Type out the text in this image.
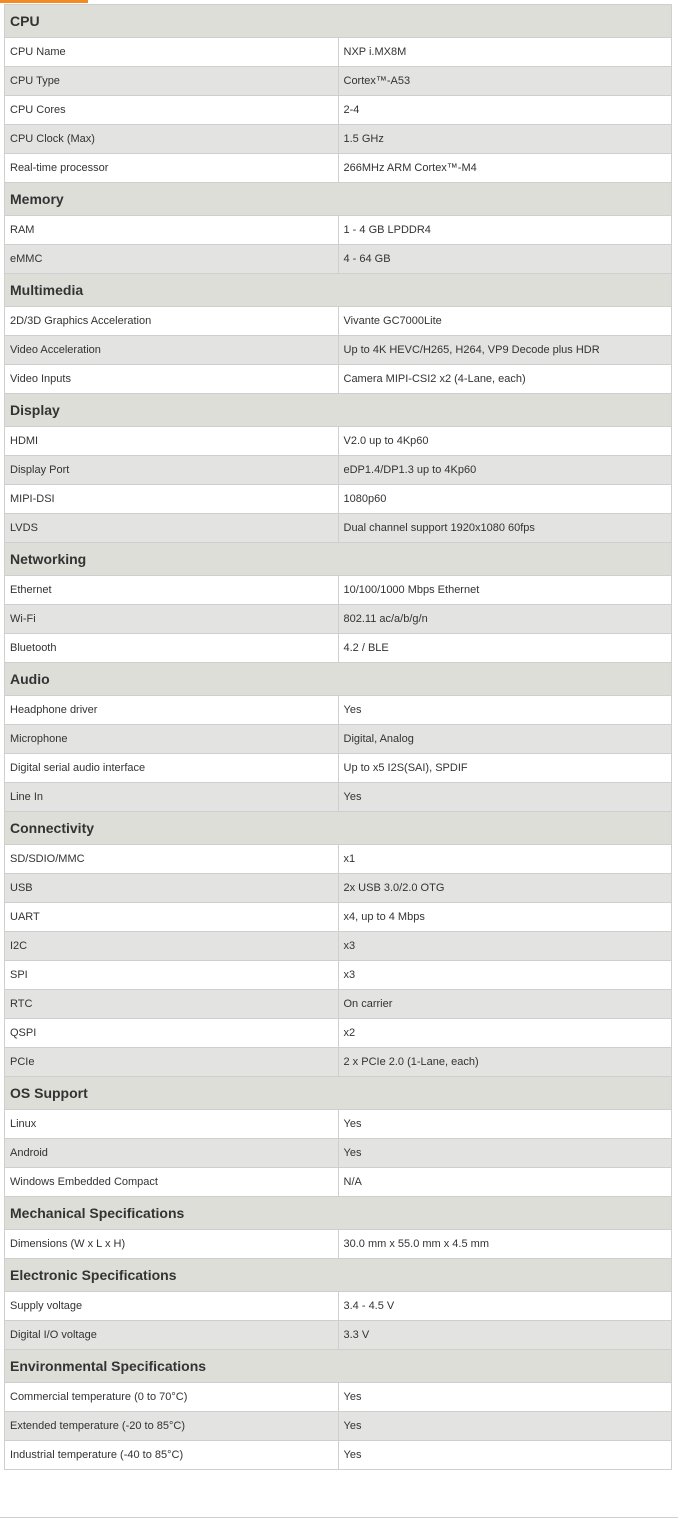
CPU	
CPU Name	NXP i.MX8M
CPU Type	Cortex™-A53
CPU Cores	2-4
CPU Clock (Max)	1.5 GHz
Real-time processor	266MHz ARM Cortex™-M4
Memory	
RAM	1 - 4 GB LPDDR4
eMMC	4 - 64 GB
Multimedia	
2D/3D Graphics Acceleration	Vivante GC7000Lite
Video Acceleration	Up to 4K HEVC/H265, H264, VP9 Decode plus HDR
Video Inputs	Camera MIPI-CSI2 x2 (4-Lane, each)
Display	
HDMI	V2.0 up to 4Kp60
Display Port	eDP1.4/DP1.3 up to 4Kp60
MIPI-DSI	1080p60
LVDS	Dual channel support 1920x1080 60fps
Networking	
Ethernet	10/100/1000 Mbps Ethernet
Wi-Fi	802.11 ac/a/b/g/n
Bluetooth	4.2 / BLE
Audio	
Headphone driver	Yes
Microphone	Digital, Analog
Digital serial audio interface	Up to x5 I2S(SAI), SPDIF
Line In	Yes
Connectivity	
SD/SDIO/MMC	x1
USB	2x USB 3.0/2.0 OTG
UART	x4, up to 4 Mbps
I2C	x3
SPI	x3
RTC	On carrier
QSPI	x2
PCIe	2 x PCIe 2.0 (1-Lane, each)
OS Support	
Linux	Yes
Android	Yes
Windows Embedded Compact	N/A
Mechanical Specifications	
Dimensions (W x L x H)	30.0 mm x 55.0 mm x 4.5 mm
Electronic Specifications	
Supply voltage	3.4 - 4.5 V
Digital I/O voltage	3.3 V
Environmental Specifications	
Commercial temperature (0 to 70°C)	Yes
Extended temperature (-20 to 85°C)	Yes
Industrial temperature (-40 to 85°C)	Yes
